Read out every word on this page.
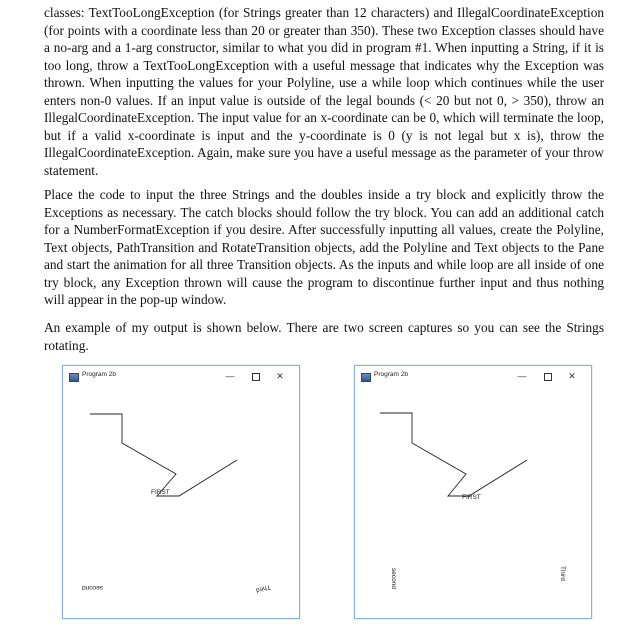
classes: TextTooLongException (for Strings greater than 12 characters) and IllegalCoordinateException (for points with a coordinate less than 20 or greater than 350). These two Exception classes should have a no-arg and a 1-arg constructor, similar to what you did in program #1. When inputting a String, if it is too long, throw a TextTooLongException with a useful message that indicates why the Exception was thrown. When inputting the values for your Polyline, use a while loop which continues while the user enters non-0 values. If an input value is outside of the legal bounds (< 20 but not 0, > 350), throw an IllegalCoordinateException. The input value for an x-coordinate can be 0, which will terminate the loop, but if a valid x-coordinate is input and the y-coordinate is 0 (y is not legal but x is), throw the IllegalCoordinateException. Again, make sure you have a useful message as the parameter of your throw statement.

Place the code to input the three Strings and the doubles inside a try block and explicitly throw the Exceptions as necessary. The catch blocks should follow the try block. You can add an additional catch for a NumberFormatException if you desire. After successfully inputting all values, create the Polyline, Text objects, PathTransition and RotateTransition objects, add the Polyline and Text objects to the Pane and start the animation for all three Transition objects. As the inputs and while loop are all inside of one try block, any Exception thrown will cause the program to discontinue further input and thus nothing will appear in the pop-up window.

An example of my output is shown below. There are two screen captures so you can see the Strings rotating.

Program 2b	—	✕
FIRST
second	Third
Program 2b	—	✕
FIRST
second	Third
